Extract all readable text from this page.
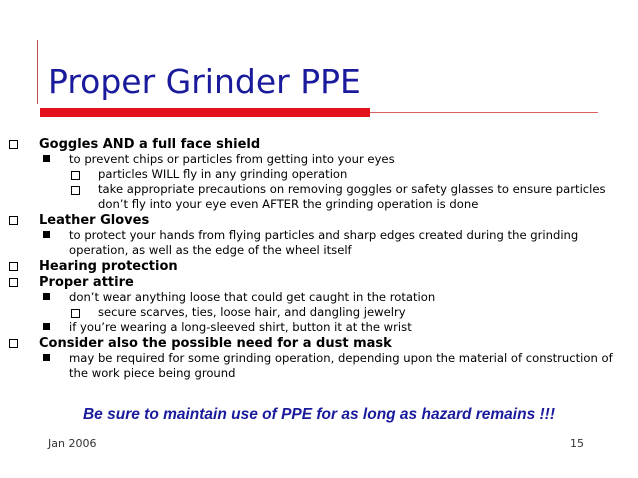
Proper Grinder PPE
Goggles AND a full face shield
to prevent chips or particles from getting into your eyes
particles WILL fly in any grinding operation
take appropriate precautions on removing goggles or safety glasses to ensure particles don’t fly into your eye even AFTER the grinding operation is done
Leather Gloves
to protect your hands from flying particles and sharp edges created during the grinding operation, as well as the edge of the wheel itself
Hearing protection
Proper attire
don’t wear anything loose that could get caught in the rotation
secure scarves, ties, loose hair, and dangling jewelry
if you’re wearing a long-sleeved shirt, button it at the wrist
Consider also the possible need for a dust mask
may be required for some grinding operation, depending upon the material of construction of the work piece being ground
Be sure to maintain use of PPE for as long as hazard remains !!!
Jan 2006	15
